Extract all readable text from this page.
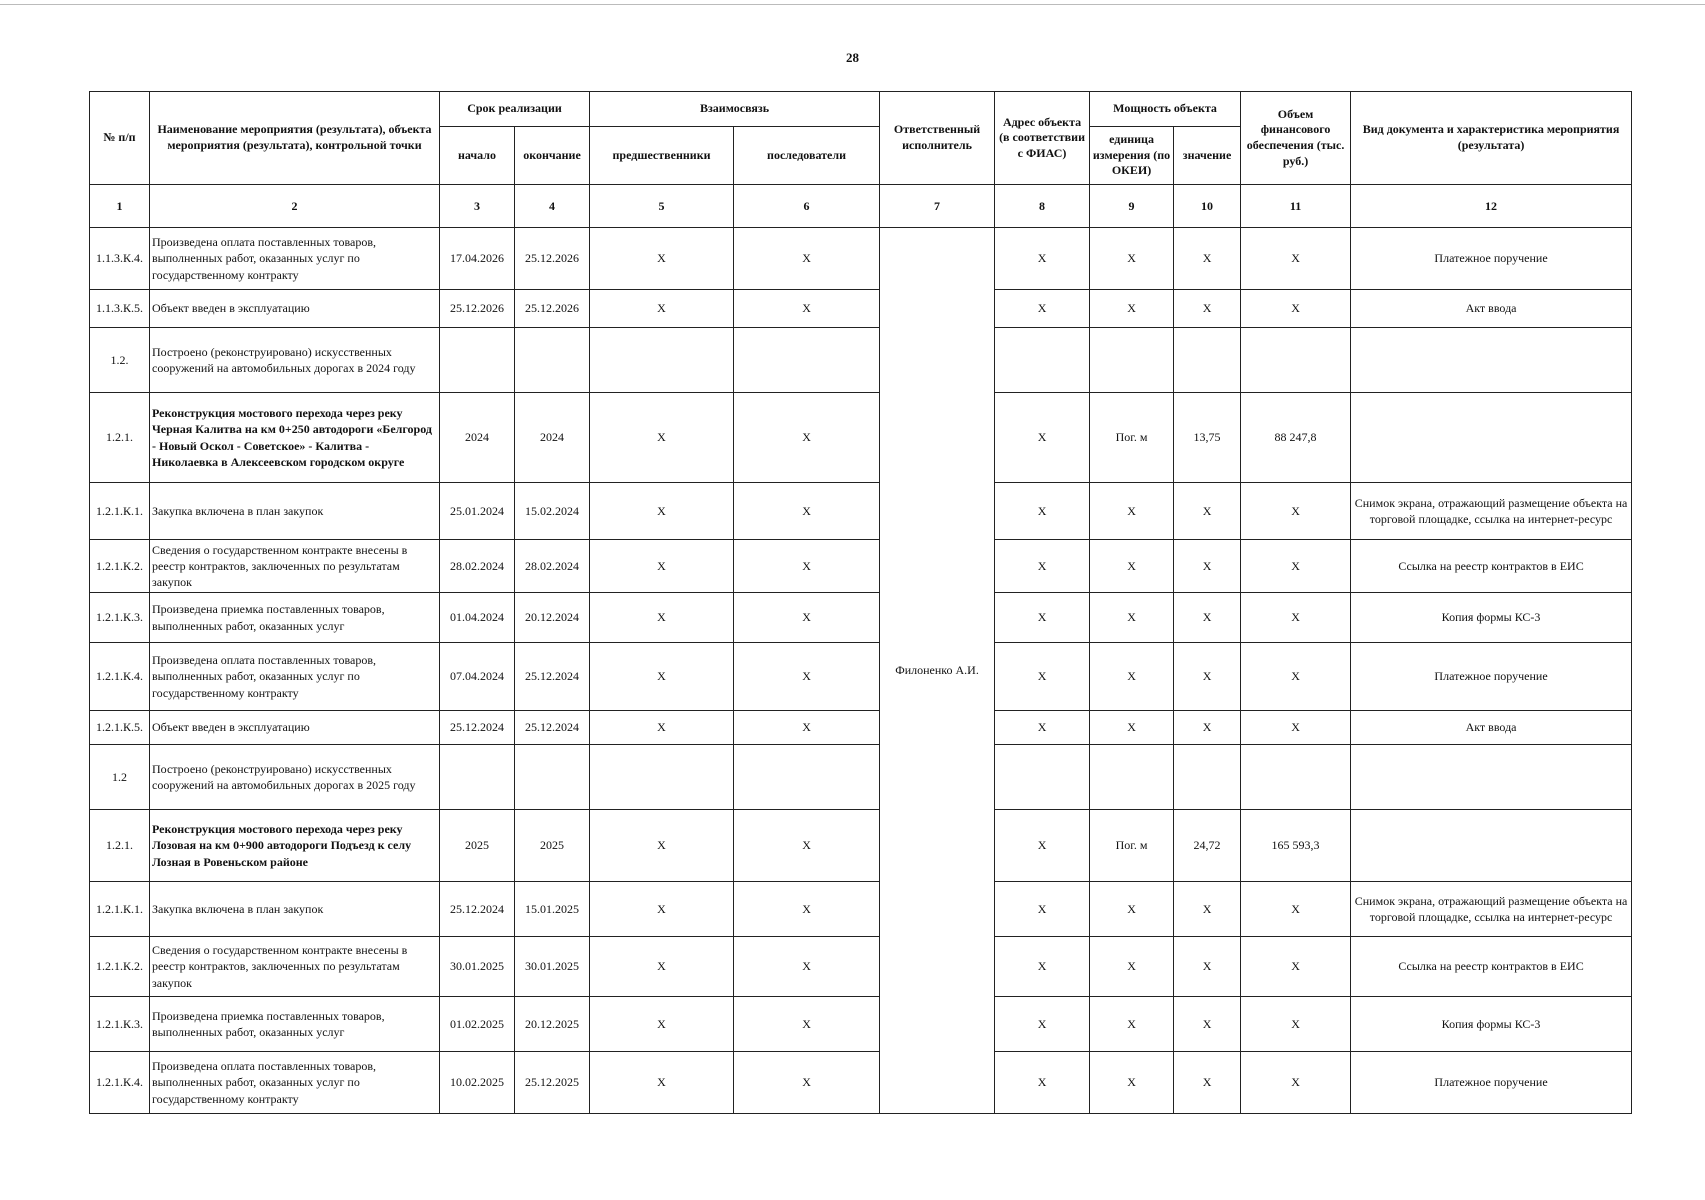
28
№ п/п	Наименование мероприятия (результата), объекта мероприятия (результата), контрольной точки	Срок реализации		Взаимосвязь		Ответственный исполнитель	Адрес объекта (в соответствии с ФИАС)	Мощность объекта		Объем финансового обеспечения (тыс. руб.)	Вид документа и характеристика мероприятия (результата)
		начало	окончание	предшественники	последователи			единица измерения (по ОКЕИ)	значение		
1	2	3	4	5	6	7	8	9	10	11	12
1.1.3.К.4.	Произведена оплата поставленных товаров, выполненных работ, оказанных услуг по государственному контракту	17.04.2026	25.12.2026	X	X	Филоненко А.И.	X	X	X	X	Платежное поручение
1.1.3.К.5.	Объект введен в эксплуатацию	25.12.2026	25.12.2026	X	X		X	X	X	X	Акт ввода
1.2.	Построено (реконструировано) искусственных сооружений на автомобильных дорогах в 2024 году										
1.2.1.	Реконструкция мостового перехода через реку Черная Калитва на км 0+250 автодороги «Белгород - Новый Оскол - Советское» - Калитва - Николаевка в Алексеевском городском округе	2024	2024	X	X		X	Пог. м	13,75	88 247,8	
1.2.1.К.1.	Закупка включена в план закупок	25.01.2024	15.02.2024	X	X		X	X	X	X	Снимок экрана, отражающий размещение объекта на торговой площадке, ссылка на интернет-ресурс
1.2.1.К.2.	Сведения о государственном контракте внесены в реестр контрактов, заключенных по результатам закупок	28.02.2024	28.02.2024	X	X		X	X	X	X	Ссылка на реестр контрактов в ЕИС
1.2.1.К.3.	Произведена приемка поставленных товаров, выполненных работ, оказанных услуг	01.04.2024	20.12.2024	X	X		X	X	X	X	Копия формы КС-3
1.2.1.К.4.	Произведена оплата поставленных товаров, выполненных работ, оказанных услуг по государственному контракту	07.04.2024	25.12.2024	X	X		X	X	X	X	Платежное поручение
1.2.1.К.5.	Объект введен в эксплуатацию	25.12.2024	25.12.2024	X	X		X	X	X	X	Акт ввода
1.2	Построено (реконструировано) искусственных сооружений на автомобильных дорогах в 2025 году										
1.2.1.	Реконструкция мостового перехода через реку Лозовая на км 0+900 автодороги Подъезд к селу Лозная в Ровеньском районе	2025	2025	X	X		X	Пог. м	24,72	165 593,3	
1.2.1.К.1.	Закупка включена в план закупок	25.12.2024	15.01.2025	X	X		X	X	X	X	Снимок экрана, отражающий размещение объекта на торговой площадке, ссылка на интернет-ресурс
1.2.1.К.2.	Сведения о государственном контракте внесены в реестр контрактов, заключенных по результатам закупок	30.01.2025	30.01.2025	X	X		X	X	X	X	Ссылка на реестр контрактов в ЕИС
1.2.1.К.3.	Произведена приемка поставленных товаров, выполненных работ, оказанных услуг	01.02.2025	20.12.2025	X	X		X	X	X	X	Копия формы КС-3
1.2.1.К.4.	Произведена оплата поставленных товаров, выполненных работ, оказанных услуг по государственному контракту	10.02.2025	25.12.2025	X	X		X	X	X	X	Платежное поручение
